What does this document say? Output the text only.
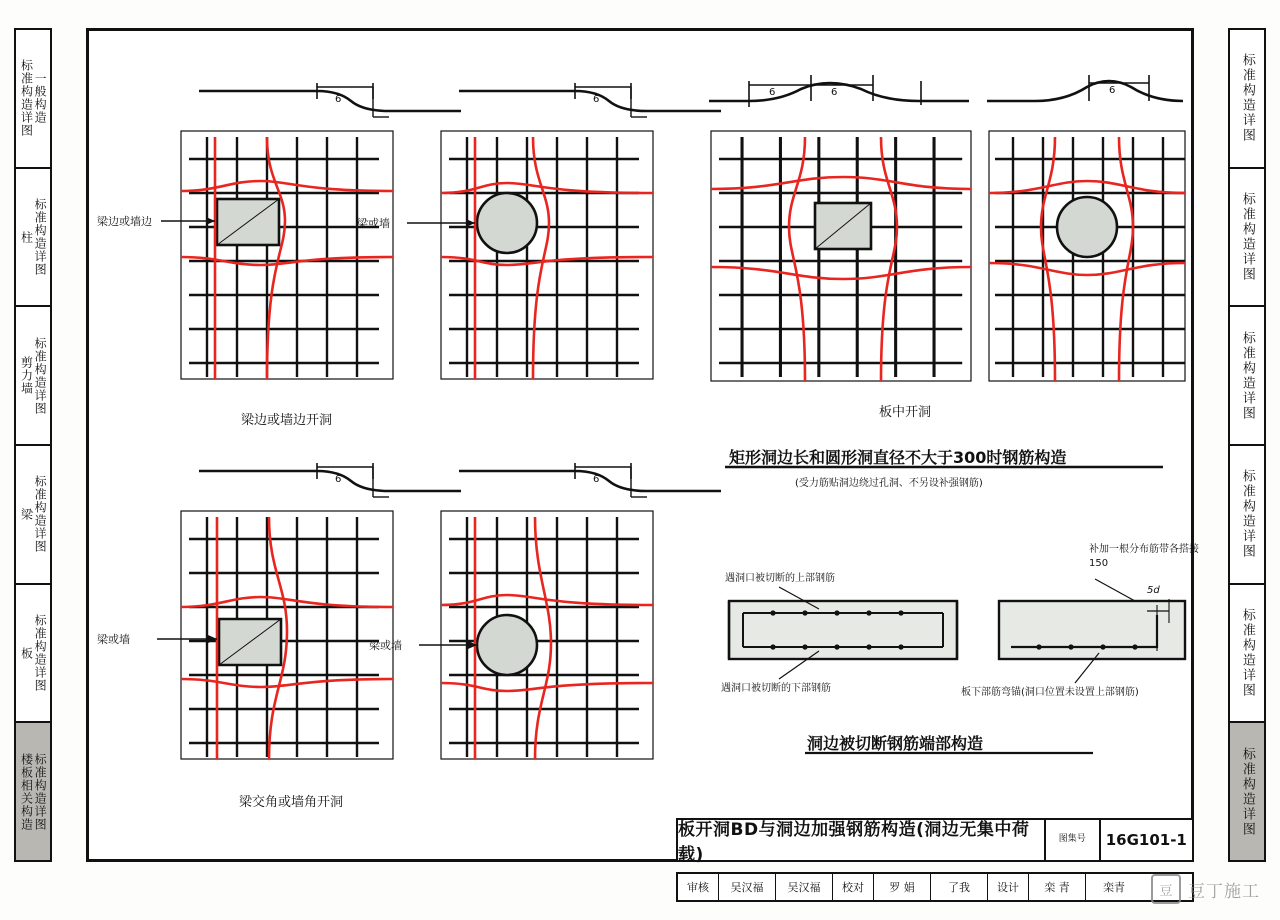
标准构造详图 一般构造
柱 标准构造详图
剪力墙 标准构造详图
梁 标准构造详图
板 标准构造详图
楼板相关构造 标准构造详图
标准构造详图
标准构造详图
标准构造详图
标准构造详图
标准构造详图
标准构造详图
6	6
6	6	6
6	6
梁边或墙边	梁或墙
梁或墙	梁或墙
梁边或墙边开洞
板中开洞
梁交角或墙角开洞
矩形洞边长和圆形洞直径不大于300时钢筋构造
(受力筋贴洞边绕过孔洞、不另设补强钢筋)
洞边被切断钢筋端部构造
遇洞口被切断的上部钢筋
遇洞口被切断的下部钢筋
补加一根分布筋带各搭接150
板下部筋弯锚(洞口位置未设置上部钢筋)
5d
板开洞BD与洞边加强钢筋构造(洞边无集中荷载)
图集号	16G101-1
审核	吴汉福	吴汉福	校对	罗 娟	了我	设计	栾 青	栾青	豆 豆丁施工
